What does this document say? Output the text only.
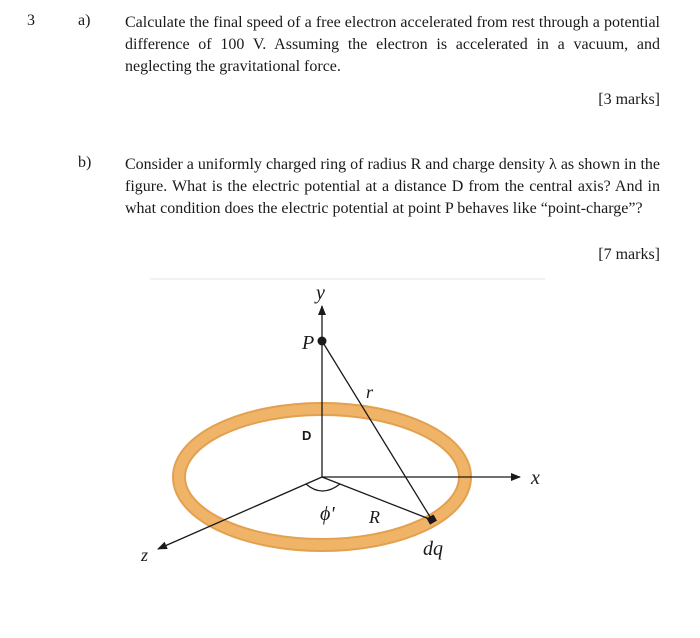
3	a) Calculate the final speed of a free electron accelerated from rest through a potential difference of 100 V. Assuming the electron is accelerated in a vacuum, and neglecting the gravitational force.
[3 marks]
b) Consider a uniformly charged ring of radius R and charge density λ as shown in the figure. What is the electric potential at a distance D from the central axis? And in what condition does the electric potential at point P behaves like “point-charge”?
[7 marks]
y
x
z
P
D
r
ϕ' R
dq
